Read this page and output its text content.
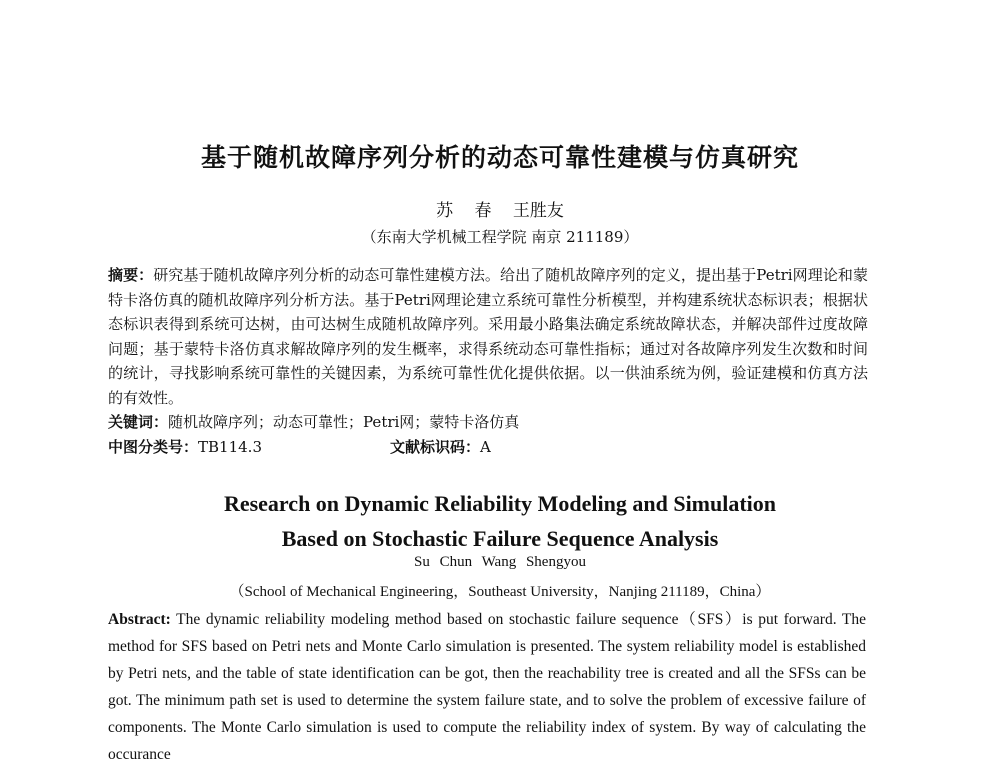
基于随机故障序列分析的动态可靠性建模与仿真研究
苏 春 王胜友
（东南大学机械工程学院 南京 211189）

摘要：研究基于随机故障序列分析的动态可靠性建模方法。给出了随机故障序列的定义，提出基于Petri网理论和蒙特卡洛仿真的随机故障序列分析方法。基于Petri网理论建立系统可靠性分析模型，并构建系统状态标识表；根据状态标识表得到系统可达树，由可达树生成随机故障序列。采用最小路集法确定系统故障状态，并解决部件过度故障问题；基于蒙特卡洛仿真求解故障序列的发生概率，求得系统动态可靠性指标；通过对各故障序列发生次数和时间的统计，寻找影响系统可靠性的关键因素，为系统可靠性优化提供依据。以一供油系统为例，验证建模和仿真方法的有效性。

关键词：随机故障序列；动态可靠性；Petri网；蒙特卡洛仿真

中图分类号：TB114.3	文献标识码：A
Research on Dynamic Reliability Modeling and Simulation
Based on Stochastic Failure Sequence Analysis
Su Chun Wang Shengyou
（School of Mechanical Engineering，Southeast University，Nanjing 211189，China）
Abstract: The dynamic reliability modeling method based on stochastic failure sequence（SFS）is put forward. The method for SFS based on Petri nets and Monte Carlo simulation is presented. The system reliability model is established by Petri nets, and the table of state identification can be got, then the reachability tree is created and all the SFSs can be got. The minimum path set is used to determine the system failure state, and to solve the problem of excessive failure of components. The Monte Carlo simulation is used to compute the reliability index of system. By way of calculating the occurance
